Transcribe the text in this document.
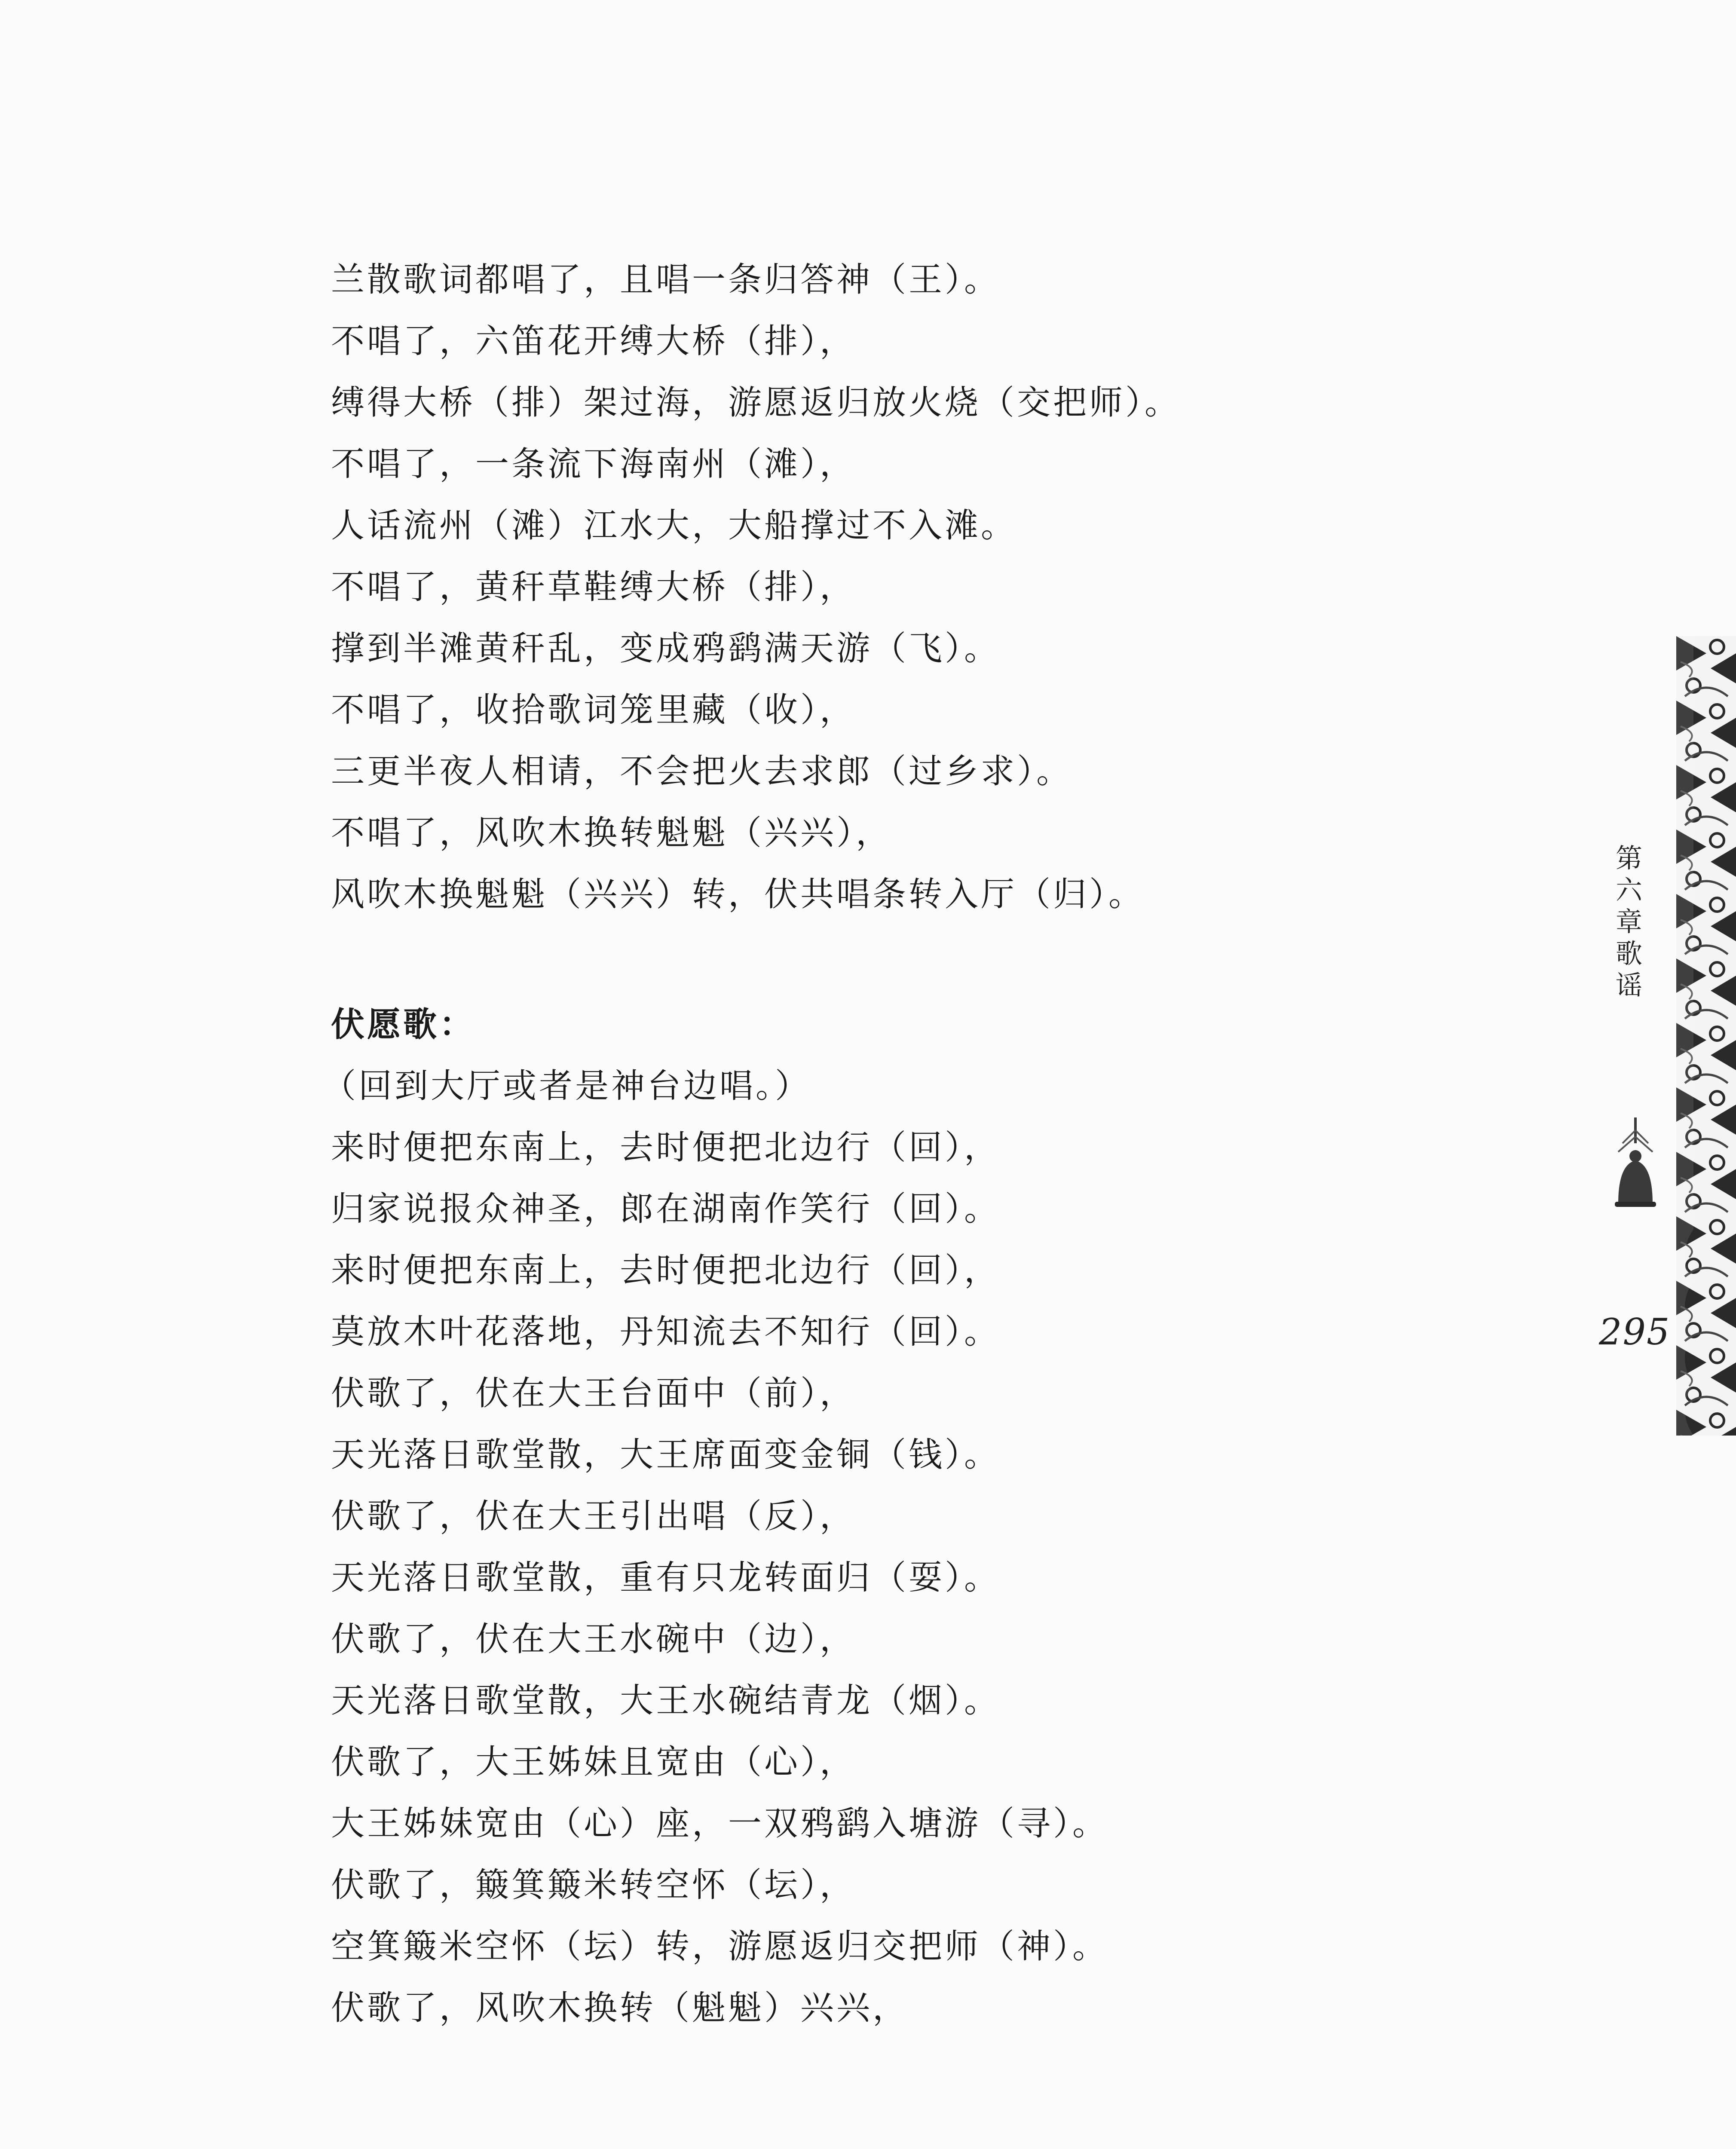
兰散歌词都唱了，且唱一条归答神（王）。
不唱了，六笛花开缚大桥（排），
缚得大桥（排）架过海，游愿返归放火烧（交把师）。
不唱了，一条流下海南州（滩），
人话流州（滩）江水大，大船撑过不入滩。
不唱了，黄秆草鞋缚大桥（排），
撑到半滩黄秆乱，变成鸦鹞满天游（飞）。
不唱了，收拾歌词笼里藏（收），
三更半夜人相请，不会把火去求郎（过乡求）。
不唱了，风吹木换转魁魁（兴兴），
风吹木换魁魁（兴兴）转，伏共唱条转入厅（归）。
伏愿歌：
（回到大厅或者是神台边唱。）
来时便把东南上，去时便把北边行（回），
归家说报众神圣，郎在湖南作笑行（回）。
来时便把东南上，去时便把北边行（回），
莫放木叶花落地，丹知流去不知行（回）。
伏歌了，伏在大王台面中（前），
天光落日歌堂散，大王席面变金铜（钱）。
伏歌了，伏在大王引出唱（反），
天光落日歌堂散，重有只龙转面归（耍）。
伏歌了，伏在大王水碗中（边），
天光落日歌堂散，大王水碗结青龙（烟）。
伏歌了，大王姊妹且宽由（心），
大王姊妹宽由（心）座，一双鸦鹞入塘游（寻）。
伏歌了，簸箕簸米转空怀（坛），
空箕簸米空怀（坛）转，游愿返归交把师（神）。
伏歌了，风吹木换转（魁魁）兴兴，
第
六
章
歌
谣
295
